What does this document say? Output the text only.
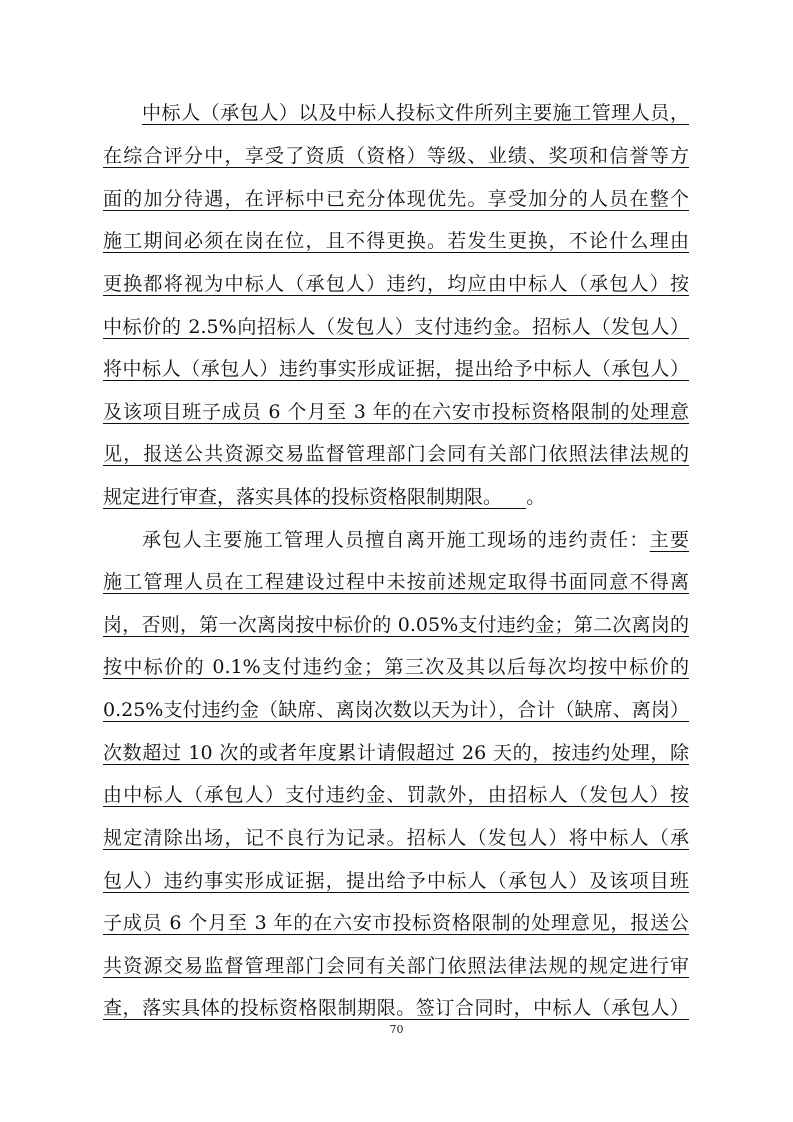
中标人（承包人）以及中标人投标文件所列主要施工管理人员，
在综合评分中，享受了资质（资格）等级、业绩、奖项和信誉等方
面的加分待遇，在评标中已充分体现优先。享受加分的人员在整个
施工期间必须在岗在位，且不得更换。若发生更换，不论什么理由
更换都将视为中标人（承包人）违约，均应由中标人（承包人）按
中标价的 2.5%向招标人（发包人）支付违约金。招标人（发包人）
将中标人（承包人）违约事实形成证据，提出给予中标人（承包人）
及该项目班子成员 6 个月至 3 年的在六安市投标资格限制的处理意
见，报送公共资源交易监督管理部门会同有关部门依照法律法规的
规定进行审查，落实具体的投标资格限制期限。 。
承包人主要施工管理人员擅自离开施工现场的违约责任：主要
施工管理人员在工程建设过程中未按前述规定取得书面同意不得离
岗，否则，第一次离岗按中标价的 0.05%支付违约金；第二次离岗的
按中标价的 0.1%支付违约金；第三次及其以后每次均按中标价的
0.25%支付违约金（缺席、离岗次数以天为计），合计（缺席、离岗）
次数超过 10 次的或者年度累计请假超过 26 天的，按违约处理，除
由中标人（承包人）支付违约金、罚款外，由招标人（发包人）按
规定清除出场，记不良行为记录。招标人（发包人）将中标人（承
包人）违约事实形成证据，提出给予中标人（承包人）及该项目班
子成员 6 个月至 3 年的在六安市投标资格限制的处理意见，报送公
共资源交易监督管理部门会同有关部门依照法律法规的规定进行审
查，落实具体的投标资格限制期限。签订合同时，中标人（承包人）
70
